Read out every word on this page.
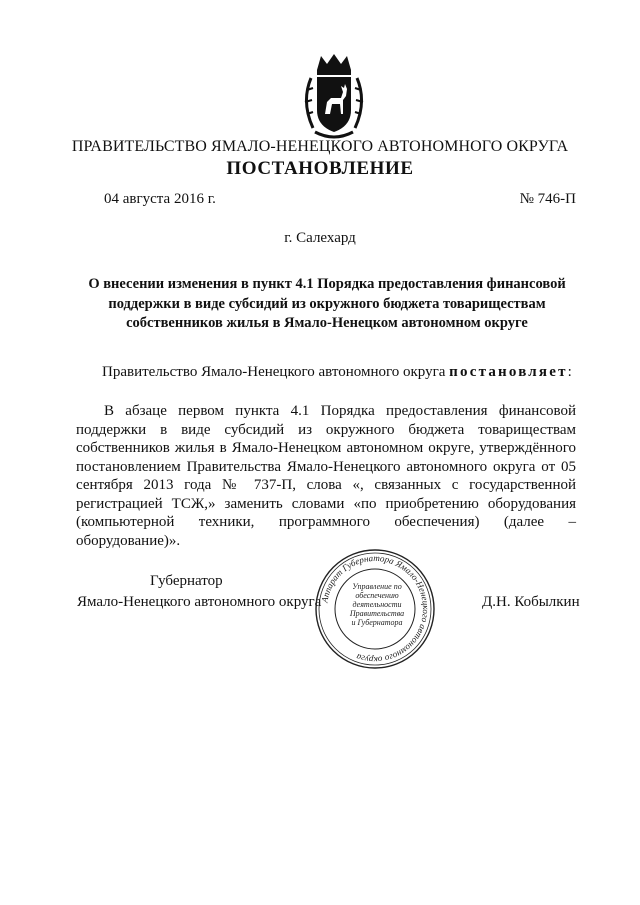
ПРАВИТЕЛЬСТВО ЯМАЛО-НЕНЕЦКОГО АВТОНОМНОГО ОКРУГА
ПОСТАНОВЛЕНИЕ
04 августа 2016 г.	№ 746-П
г. Салехард
О внесении изменения в пункт 4.1 Порядка предоставления финансовой поддержки в виде субсидий из окружного бюджета товариществам собственников жилья в Ямало-Ненецком автономном округе
Правительство Ямало-Ненецкого автономного округа постановляет:
В абзаце первом пункта 4.1 Порядка предоставления финансовой поддержки в виде субсидий из окружного бюджета товариществам собственников жилья в Ямало-Ненецком автономном округе, утверждённого постановлением Правительства Ямало-Ненецкого автономного округа от 05 сентября 2013 года № 737-П, слова «, связанных с государственной регистрацией ТСЖ,» заменить словами «по приобретению оборудования (компьютерной техники, программного обеспечения) (далее – оборудование)».
Губернатор
Ямало-Ненецкого автономного округа	Д.Н. Кобылкин
Аппарат Губернатора Ямало-Ненецкого автономного округа
Управление по
обеспечению
деятельности
Правительства
и Губернатора
